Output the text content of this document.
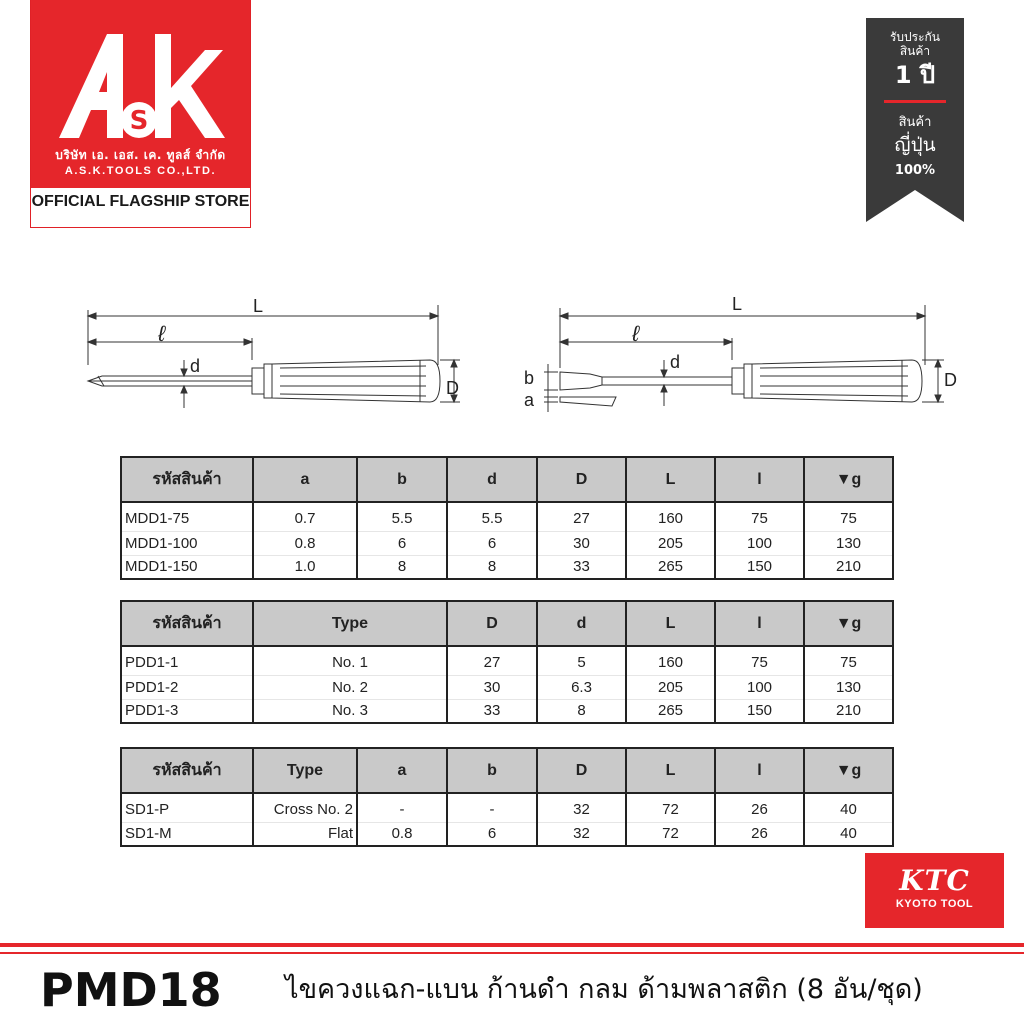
S
บริษัท เอ. เอส. เค. ทูลส์ จำกัด
A.S.K.TOOLS CO.,LTD.
OFFICIAL FLAGSHIP STORE
รับประกัน
สินค้า
1 ปี
สินค้า
ญี่ปุ่น
100%
L
ℓ
d
D
L
ℓ
d
b
a
D
รหัสสินค้า	a	b	d	D	L	l	▼g

MDD1-75	0.7	5.5	5.5	27	160	75	75
MDD1-100	0.8	6	6	30	205	100	130
MDD1-150	1.0	8	8	33	265	150	210
รหัสสินค้า	Type	D	d	L	l	▼g

PDD1-1	No. 1	27	5	160	75	75
PDD1-2	No. 2	30	6.3	205	100	130
PDD1-3	No. 3	33	8	265	150	210
รหัสสินค้า	Type	a	b	D	L	l	▼g

SD1-P	Cross No. 2	-	-	32	72	26	40
SD1-M	Flat	0.8	6	32	72	26	40
KTC
KYOTO TOOL
PMD18 ไขควงแฉก-แบน ก้านดำ กลม ด้ามพลาสติก (8 อัน/ชุด)
